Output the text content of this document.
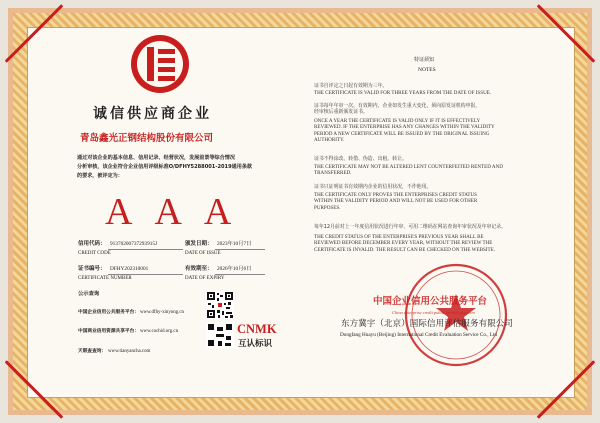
诚信供应商企业
青岛鑫光正钢结构股份有限公司
通过对该企业的基本信息、信用记录、经营状况，发展前景等综合情况
分析审核，该企业符合企业信用评级标准O/DFHY5288001-2019通用条款
的要求，被评定为：
AAA
信用代码：
CREDIT CODE
91370200737293915J	颁发日期：
DATE OF ISSUE
2023年10月7日
证书编号：
CERTIFICATE NUMBER
DFHY202310001	有效期至：
DATE OF EXPIRY
2026年10月6日
公示查询
中国企业信用公共服务平台： www.dfhy-xinyong.cn
中国商业信用资源共享平台： www.cochid.org.cn
天眼查查询： www.tianyancha.com
CNMK
互认标识
特证须知
NOTES
证书自评定之日起有效期为三年。
THE CERTIFICATE IS VALID FOR THREE YEARS FROM THE DATE OF ISSUE.
证书每年年审一次，有效期内，企业如发生重大变化，须向原发证机构申报，
经审核后重新颁发证书。
ONCE A YEAR THE CERTIFICATE IS VALID ONLY IF IT IS EFFECTIVELY
REVIEWED. IF THE ENTERPRISE HAS ANY CHANGES WITHIN THE VALIDITY
PERIOD A NEW CERTIFICATE WILL BE ISSUED BY THE ORIGINAL ISSUING
AUTHORITY.
证书不得涂改、转借、伪造、出租、转让。
THE CERTIFICATE MAY NOT BE ALTERED LENT COUNTERFEITED RENTED AND
TRANSFERRED.
证书只证明证书有效期内企业的信用状况，不作他用。
THE CERTIFICATE ONLY PROVES THE ENTERPRISES CREDIT STATUS
WITHIN THE VALIDITY PERIOD AND WILL NOT BE USED FOR OTHER
PURPOSES.
每年12月前对上一年度信用状况进行年审，可用二维码在网站查询年审状况及年审记录。
THE CREDIT STATUS OF THE ENTERPRISE'S PREVIOUS YEAR SHALL BE
REVIEWED BEFORE DECEMBER EVERY YEAR, WITHOUT THE REVIEW THE
CERTIFICATE IS INVALID. THE RESULT CAN BE CHECKED ON THE WEBSITE.
中国企业信用公共服务平台
China enterprise credit public service platform
东方冀宇（北京）国际信用评估服务有限公司
Dongfang Huayu (Beijing) International Credit Evaluation Service Co., Ltd
